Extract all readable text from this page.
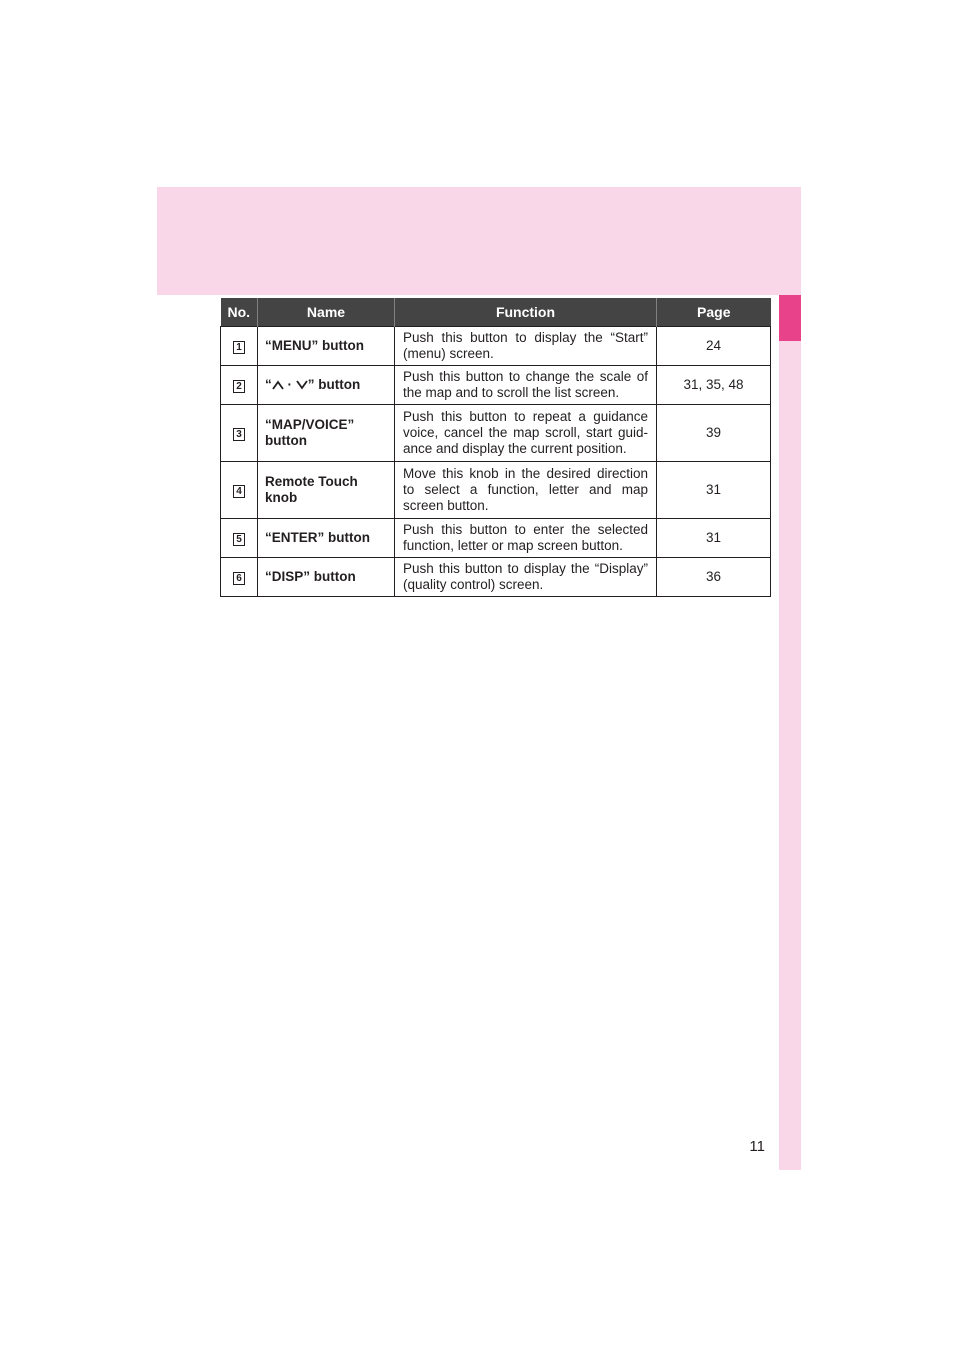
No.	Name	Function	Page
1	“MENU” button	Push this button to display the “Start” (menu) screen.	24
2	“ · ” button	Push this button to change the scale of the map and to scroll the list screen.	31, 35, 48
3	“MAP/VOICE” button	Push this button to repeat a guidance voice, cancel the map scroll, start guid-ance and display the current position.	39
4	Remote Touch knob	Move this knob in the desired direction to select a function, letter and map screen button.	31
5	“ENTER” button	Push this button to enter the selected function, letter or map screen button.	31
6	“DISP” button	Push this button to display the “Display” (quality control) screen.	36
11
